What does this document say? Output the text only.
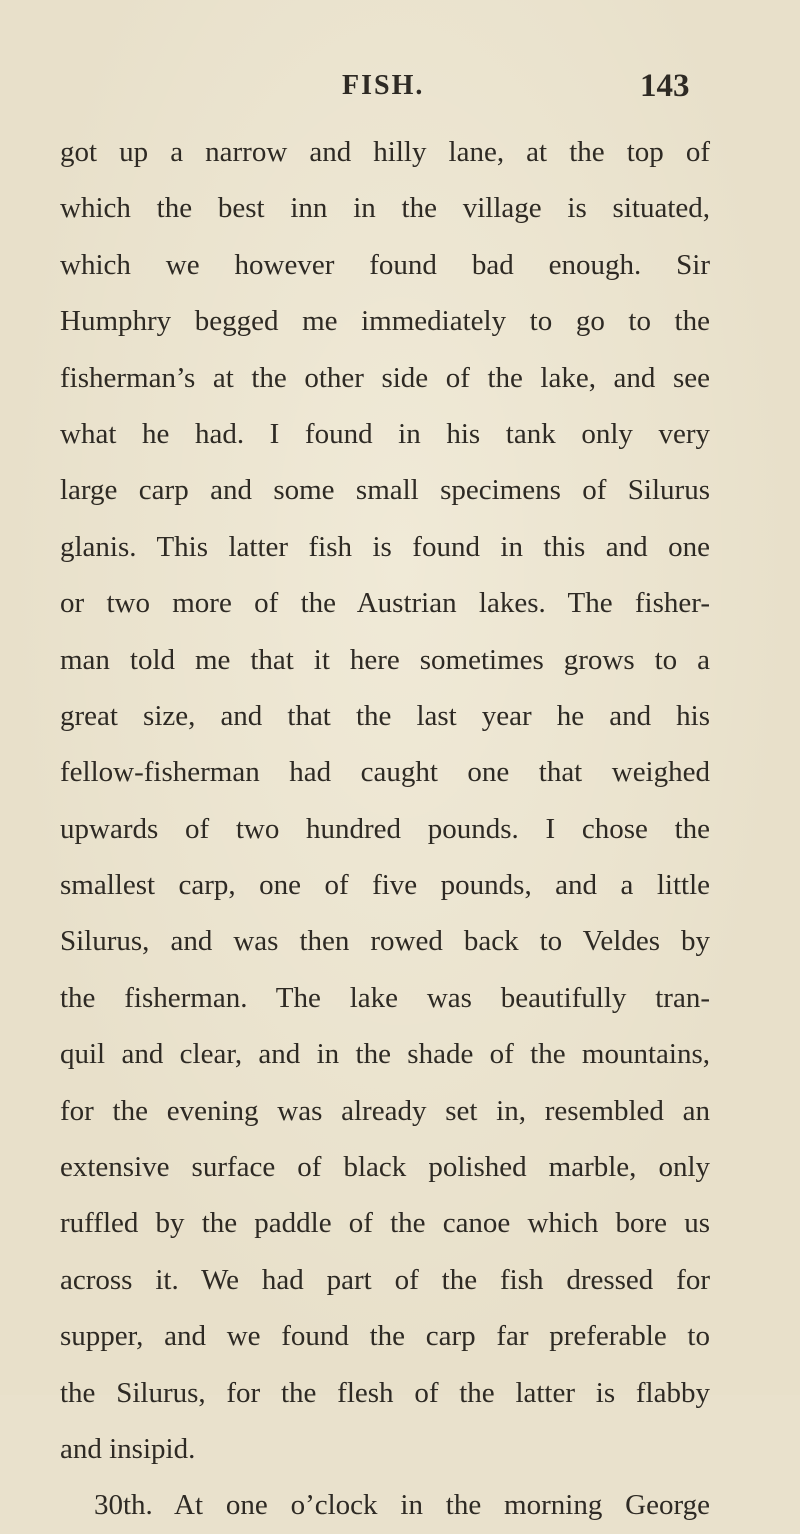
FISH.	143
got up a narrow and hilly lane, at the top of
which the best inn in the village is situated,
which we however found bad enough. Sir
Humphry begged me immediately to go to the
fisherman’s at the other side of the lake, and see
what he had. I found in his tank only very
large carp and some small specimens of Silurus
glanis. This latter fish is found in this and one
or two more of the Austrian lakes. The fisher-
man told me that it here sometimes grows to a
great size, and that the last year he and his
fellow-fisherman had caught one that weighed
upwards of two hundred pounds. I chose the
smallest carp, one of five pounds, and a little
Silurus, and was then rowed back to Veldes by
the fisherman. The lake was beautifully tran-
quil and clear, and in the shade of the mountains,
for the evening was already set in, resembled an
extensive surface of black polished marble, only
ruffled by the paddle of the canoe which bore us
across it. We had part of the fish dressed for
supper, and we found the carp far preferable to
the Silurus, for the flesh of the latter is flabby
and insipid.
30th. At one o’clock in the morning George
